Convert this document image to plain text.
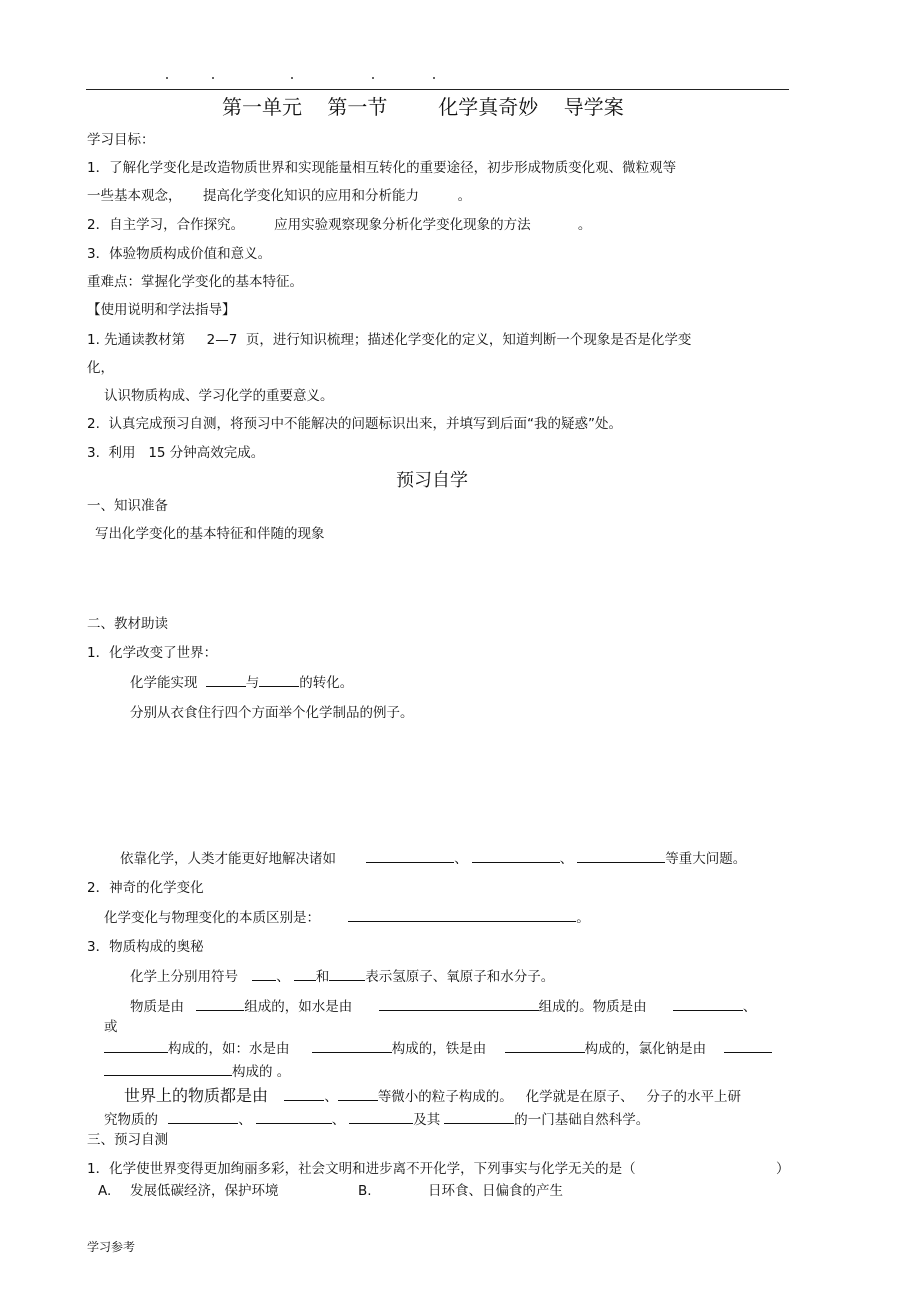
第一单元    第一节        化学真奇妙    导学案
学习目标：
1．了解化学变化是改造物质世界和实现能量相互转化的重要途径，初步形成物质变化观、微粒观等
一些基本观念，     提高化学变化知识的应用和分析能力         。
2．自主学习，合作探究。       应用实验观察现象分析化学变化现象的方法           。
3．体验物质构成价值和意义。
重难点：掌握化学变化的基本特征。
【使用说明和学法指导】
1. 先通读教材第     2—7  页，进行知识梳理；描述化学变化的定义，知道判断一个现象是否是化学变
化，
认识物质构成、学习化学的重要意义。
2.  认真完成预习自测，将预习中不能解决的问题标识出来，并填写到后面“我的疑惑”处。
3.  利用   15 分钟高效完成。
预习自学
一、知识准备
写出化学变化的基本特征和伴随的现象
二、教材助读
1．化学改变了世界：
化学能实现	与	的转化。
分别从衣食住行四个方面举个化学制品的例子。
依靠化学，人类才能更好地解决诸如	、	、	等重大问题。
2．神奇的化学变化
化学变化与物理变化的本质区别是：	。
3．物质构成的奥秘
化学上分别用符号	、 和	表示氢原子、氧原子和水分子。
物质是由	组成的，如水是由	组成的。物质是由	、
或
构成的，如：水是由	构成的，铁是由	构成的，氯化钠是由
构成的 。
世界上的物质都是由	、	等微小的粒子构成的。   化学就是在原子、   分子的水平上研
究物质的	、	、	及其	的一门基础自然科学。
三、预习自测
1．化学使世界变得更加绚丽多彩，社会文明和进步离不开化学，下列事实与化学无关的是（	）
A. 发展低碳经济，保护环境	B.	日环食、日偏食的产生
学习参考
